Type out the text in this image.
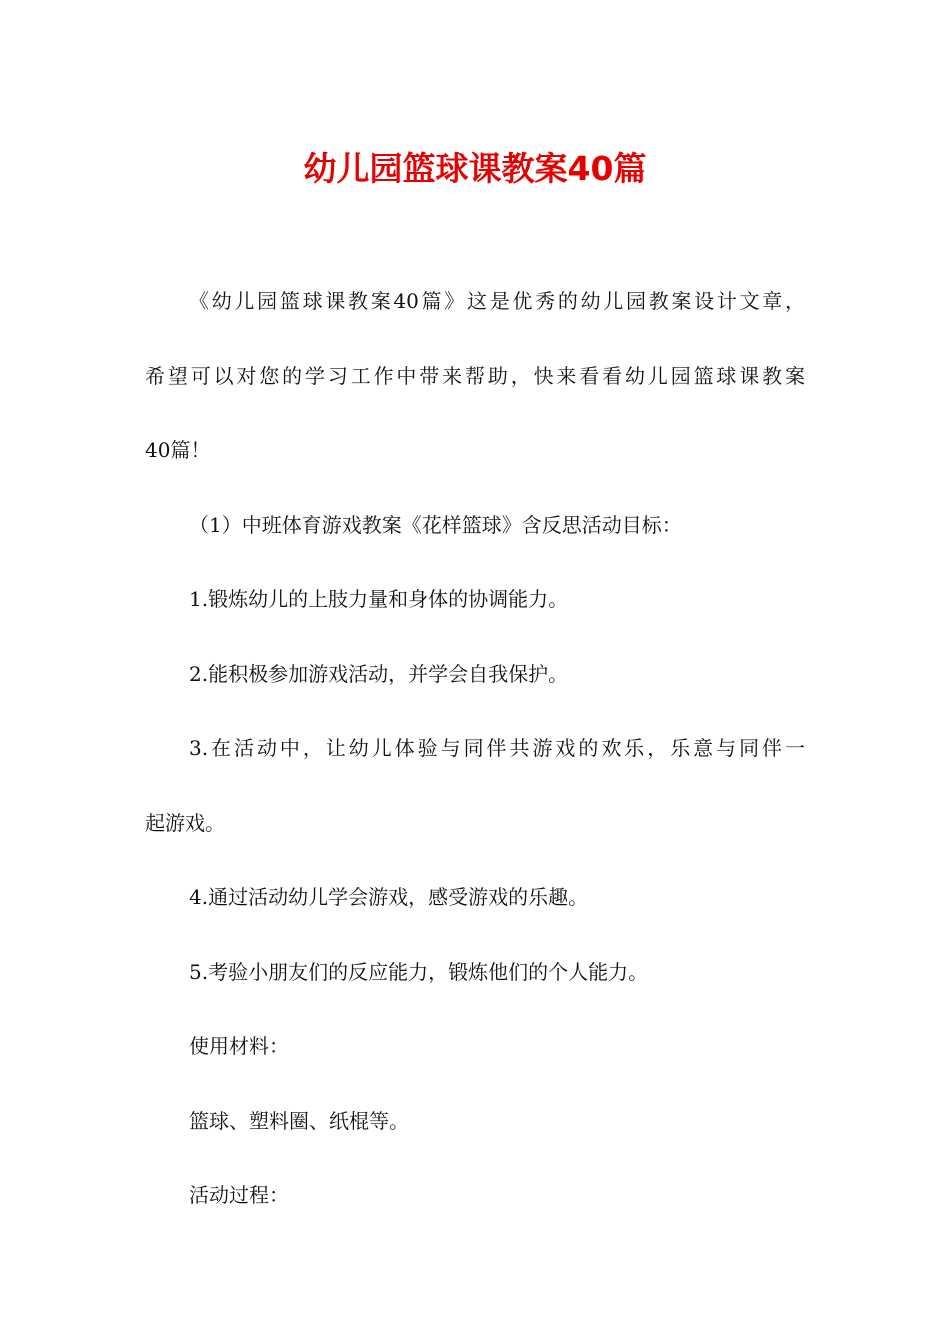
幼儿园篮球课教案40篇
《幼儿园篮球课教案40篇》这是优秀的幼儿园教案设计文章，
希望可以对您的学习工作中带来帮助，快来看看幼儿园篮球课教案
40篇！
（1）中班体育游戏教案《花样篮球》含反思活动目标：
1.锻炼幼儿的上肢力量和身体的协调能力。
2.能积极参加游戏活动，并学会自我保护。
3.在活动中，让幼儿体验与同伴共游戏的欢乐，乐意与同伴一
起游戏。
4.通过活动幼儿学会游戏，感受游戏的乐趣。
5.考验小朋友们的反应能力，锻炼他们的个人能力。
使用材料：
篮球、塑料圈、纸棍等。
活动过程：
